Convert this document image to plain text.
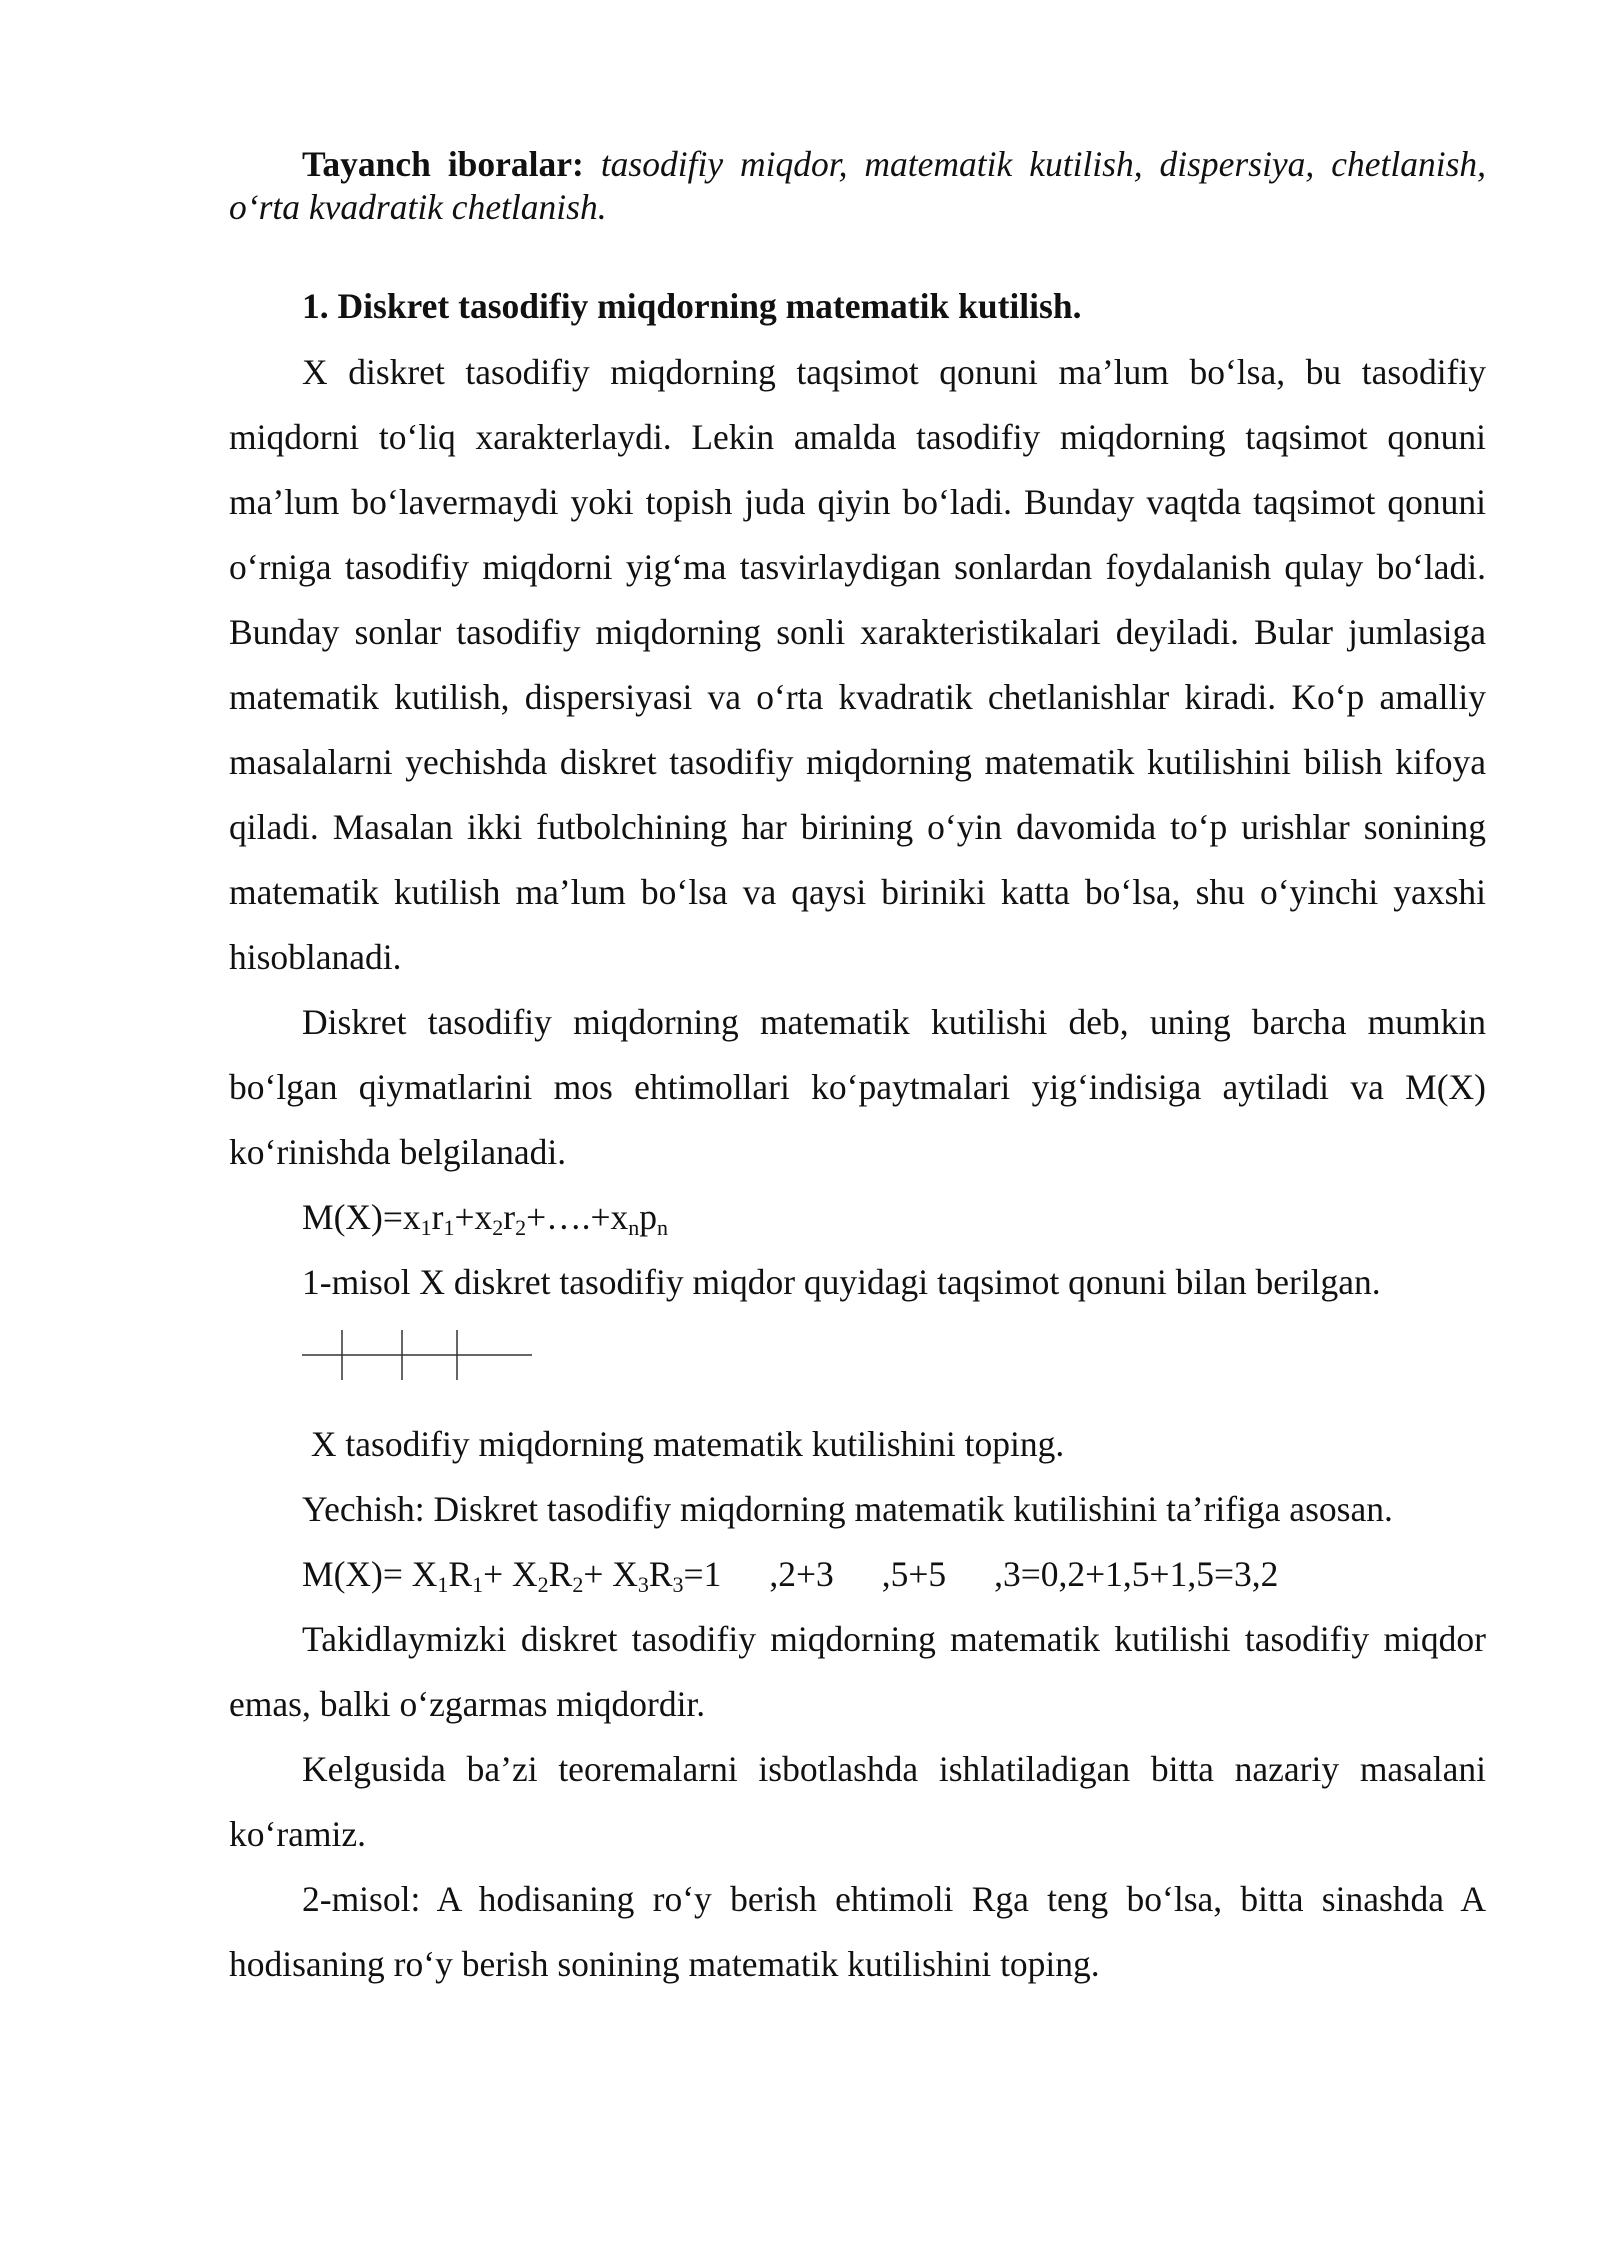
Tayanch iboralar: tasodifiy miqdor, matematik kutilish, dispersiya, chetlanish, o‘rta kvadratik chetlanish.

1. Diskret tasodifiy miqdorning matematik kutilish.

X diskret tasodifiy miqdorning taqsimot qonuni ma’lum bo‘lsa, bu tasodifiy miqdorni to‘liq xarakterlaydi. Lekin amalda tasodifiy miqdorning taqsimot qonuni ma’lum bo‘lavermaydi yoki topish juda qiyin bo‘ladi. Bunday vaqtda taqsimot qonuni o‘rniga tasodifiy miqdorni yig‘ma tasvirlaydigan sonlardan foydalanish qulay bo‘ladi. Bunday sonlar tasodifiy miqdorning sonli xarakteristikalari deyiladi. Bular jumlasiga matematik kutilish, dispersiyasi va o‘rta kvadratik chetlanishlar kiradi. Ko‘p amalliy masalalarni yechishda diskret tasodifiy miqdorning matematik kutilishini bilish kifoya qiladi. Masalan ikki futbolchining har birining o‘yin davomida to‘p urishlar sonining matematik kutilish ma’lum bo‘lsa va qaysi biriniki katta bo‘lsa, shu o‘yinchi yaxshi hisoblanadi.

Diskret tasodifiy miqdorning matematik kutilishi deb, uning barcha mumkin bo‘lgan qiymatlarini mos ehtimollari ko‘paytmalari yig‘indisiga aytiladi va M(X) ko‘rinishda belgilanadi.

$M(X)=x_1r_1+x_2r_2+\dots.+x_np_n$

1-misol X diskret tasodifiy miqdor quyidagi taqsimot qonuni bilan berilgan.

X tasodifiy miqdorning matematik kutilishini toping.

Yechish: Diskret tasodifiy miqdorning matematik kutilishini ta’rifiga asosan.

$M(X)= X_1R_1+ X_2R_2+ X_3R_3=1$ ,2+3 ,5+5 ,3=0,2+1,5+1,5=3,2

Takidlaymizki diskret tasodifiy miqdorning matematik kutilishi tasodifiy miqdor emas, balki o‘zgarmas miqdordir.

Kelgusida ba’zi teoremalarni isbotlashda ishlatiladigan bitta nazariy masalani ko‘ramiz.

2-misol: A hodisaning ro‘y berish ehtimoli Rga teng bo‘lsa, bitta sinashda A hodisaning ro‘y berish sonining matematik kutilishini toping.
